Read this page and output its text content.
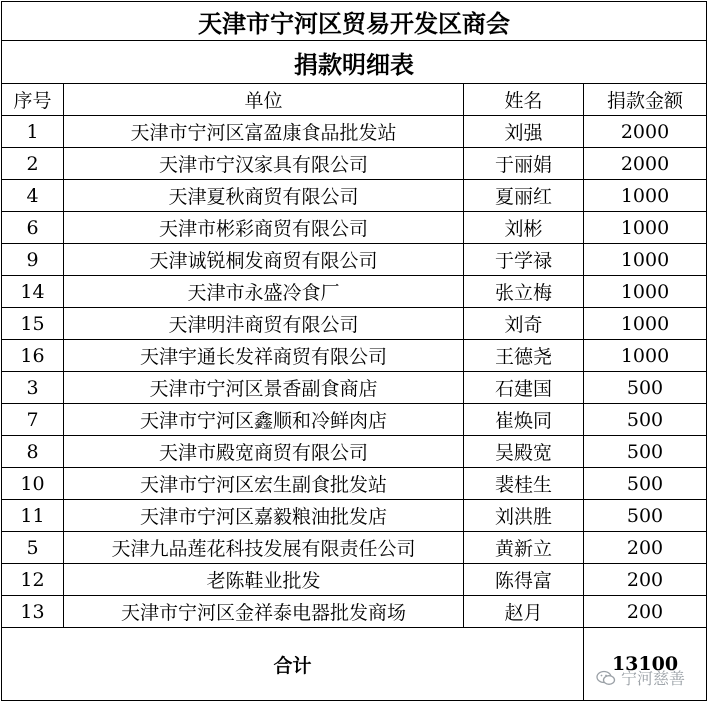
天津市宁河区贸易开发区商会			
捐款明细表			
序号	单位	姓名	捐款金额
1	天津市宁河区富盈康食品批发站	刘强	2000
2	天津市宁汉家具有限公司	于丽娟	2000
4	天津夏秋商贸有限公司	夏丽红	1000
6	天津市彬彩商贸有限公司	刘彬	1000
9	天津诚锐桐发商贸有限公司	于学禄	1000
14	天津市永盛冷食厂	张立梅	1000
15	天津明沣商贸有限公司	刘奇	1000
16	天津宇通长发祥商贸有限公司	王德尧	1000
3	天津市宁河区景香副食商店	石建国	500
7	天津市宁河区鑫顺和冷鲜肉店	崔焕同	500
8	天津市殿宽商贸有限公司	吴殿宽	500
10	天津市宁河区宏生副食批发站	裴桂生	500
11	天津市宁河区嘉毅粮油批发店	刘洪胜	500
5	天津九品莲花科技发展有限责任公司	黄新立	200
12	老陈鞋业批发	陈得富	200
13	天津市宁河区金祥泰电器批发商场	赵月	200
合计			13100
宁河慈善
